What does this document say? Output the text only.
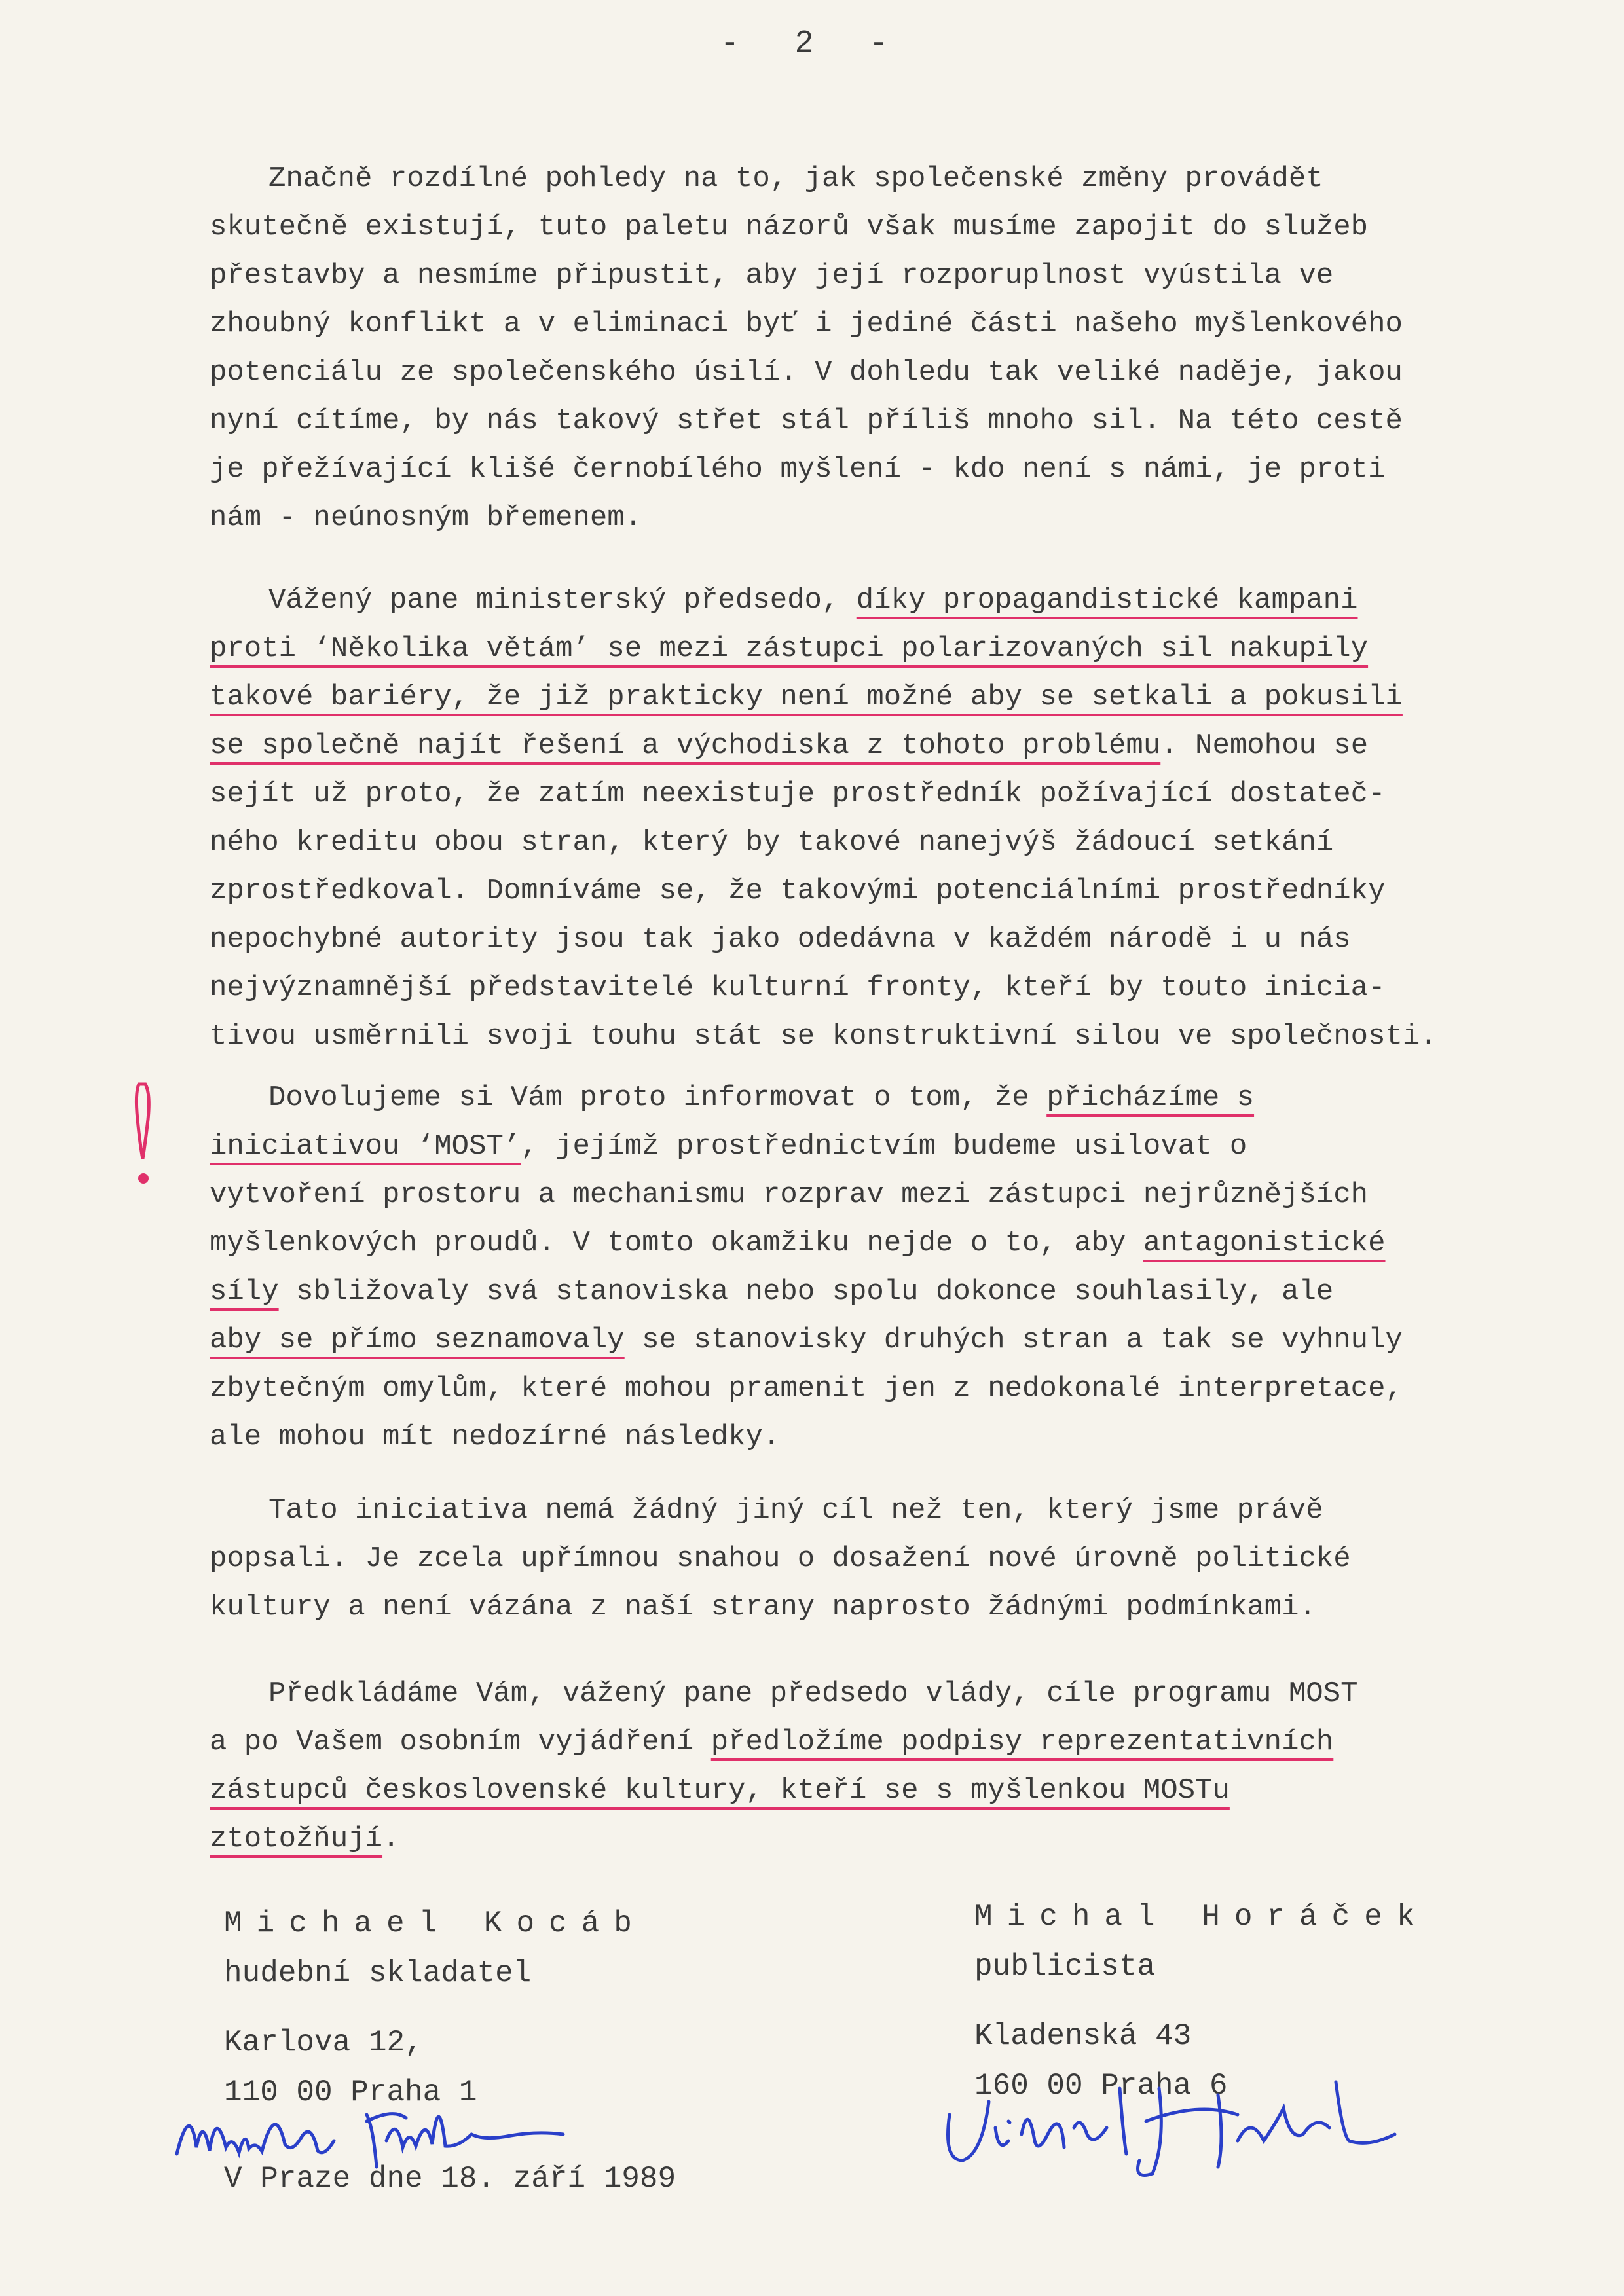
- 2 -
Značně rozdílné pohledy na to, jak společenské změny provádět
skutečně existují, tuto paletu názorů však musíme zapojit do služeb
přestavby a nesmíme připustit, aby její rozporuplnost vyústila ve
zhoubný konflikt a v eliminaci byť i jediné části našeho myšlenkového
potenciálu ze společenského úsilí. V dohledu tak veliké naděje, jakou
nyní cítíme, by nás takový střet stál příliš mnoho sil. Na této cestě
je přežívající klišé černobílého myšlení - kdo není s námi, je proti
nám - neúnosným břemenem.
Vážený pane ministerský předsedo, díky propagandistické kampani
proti ‘Několika větám’ se mezi zástupci polarizovaných sil nakupily
takové bariéry, že již prakticky není možné aby se setkali a pokusili
se společně najít řešení a východiska z tohoto problému. Nemohou se
sejít už proto, že zatím neexistuje prostředník požívající dostateč-
ného kreditu obou stran, který by takové nanejvýš žádoucí setkání
zprostředkoval. Domníváme se, že takovými potenciálními prostředníky
nepochybné autority jsou tak jako odedávna v každém národě i u nás
nejvýznamnější představitelé kulturní fronty, kteří by touto inicia-
tivou usměrnili svoji touhu stát se konstruktivní silou ve společnosti.
Dovolujeme si Vám proto informovat o tom, že přicházíme s
iniciativou ‘MOST’, jejímž prostřednictvím budeme usilovat o
vytvoření prostoru a mechanismu rozprav mezi zástupci nejrůznějších
myšlenkových proudů. V tomto okamžiku nejde o to, aby antagonistické
síly sbližovaly svá stanoviska nebo spolu dokonce souhlasily, ale
aby se přímo seznamovaly se stanovisky druhých stran a tak se vyhnuly
zbytečným omylům, které mohou pramenit jen z nedokonalé interpretace,
ale mohou mít nedozírné následky.
Tato iniciativa nemá žádný jiný cíl než ten, který jsme právě
popsali. Je zcela upřímnou snahou o dosažení nové úrovně politické
kultury a není vázána z naší strany naprosto žádnými podmínkami.
Předkládáme Vám, vážený pane předsedo vlády, cíle programu MOST
a po Vašem osobním vyjádření předložíme podpisy reprezentativních
zástupců československé kultury, kteří se s myšlenkou MOSTu
ztotožňují.
Michael Kocáb
hudební skladatel
Karlova 12,
110 00 Praha 1
Michal Horáček
publicista
Kladenská 43
160 00 Praha 6
V Praze dne 18. září 1989
